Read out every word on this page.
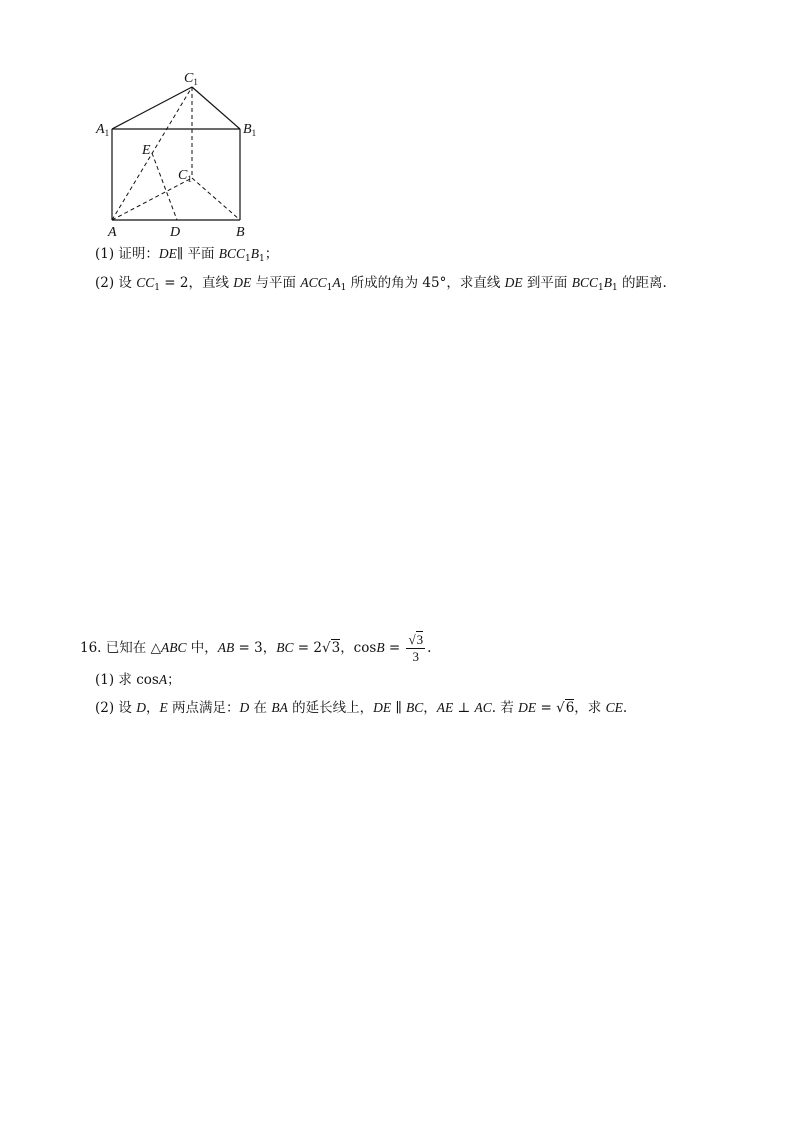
$C_1$
$A_1$	$B_1$
E
$C_1$
A	D	B
(1) 证明：DE∥ 平面 $BCC_1B_1$；
(2) 设 $CC_1 = 2$，直线 DE 与平面 $ACC_1A_1$ 所成的角为 45°，求直线 DE 到平面 $BCC_1B_1$ 的距离.
16. 已知在 △ABC 中，AB = 3，BC = 2√3，$\cos B = \frac{√3}{3}$ .
(1) 求 cosA；
(2) 设 D，E 两点满足：D 在 BA 的延长线上，DE ∥ BC，AE ⊥ AC. 若 DE = √6，求 CE.
